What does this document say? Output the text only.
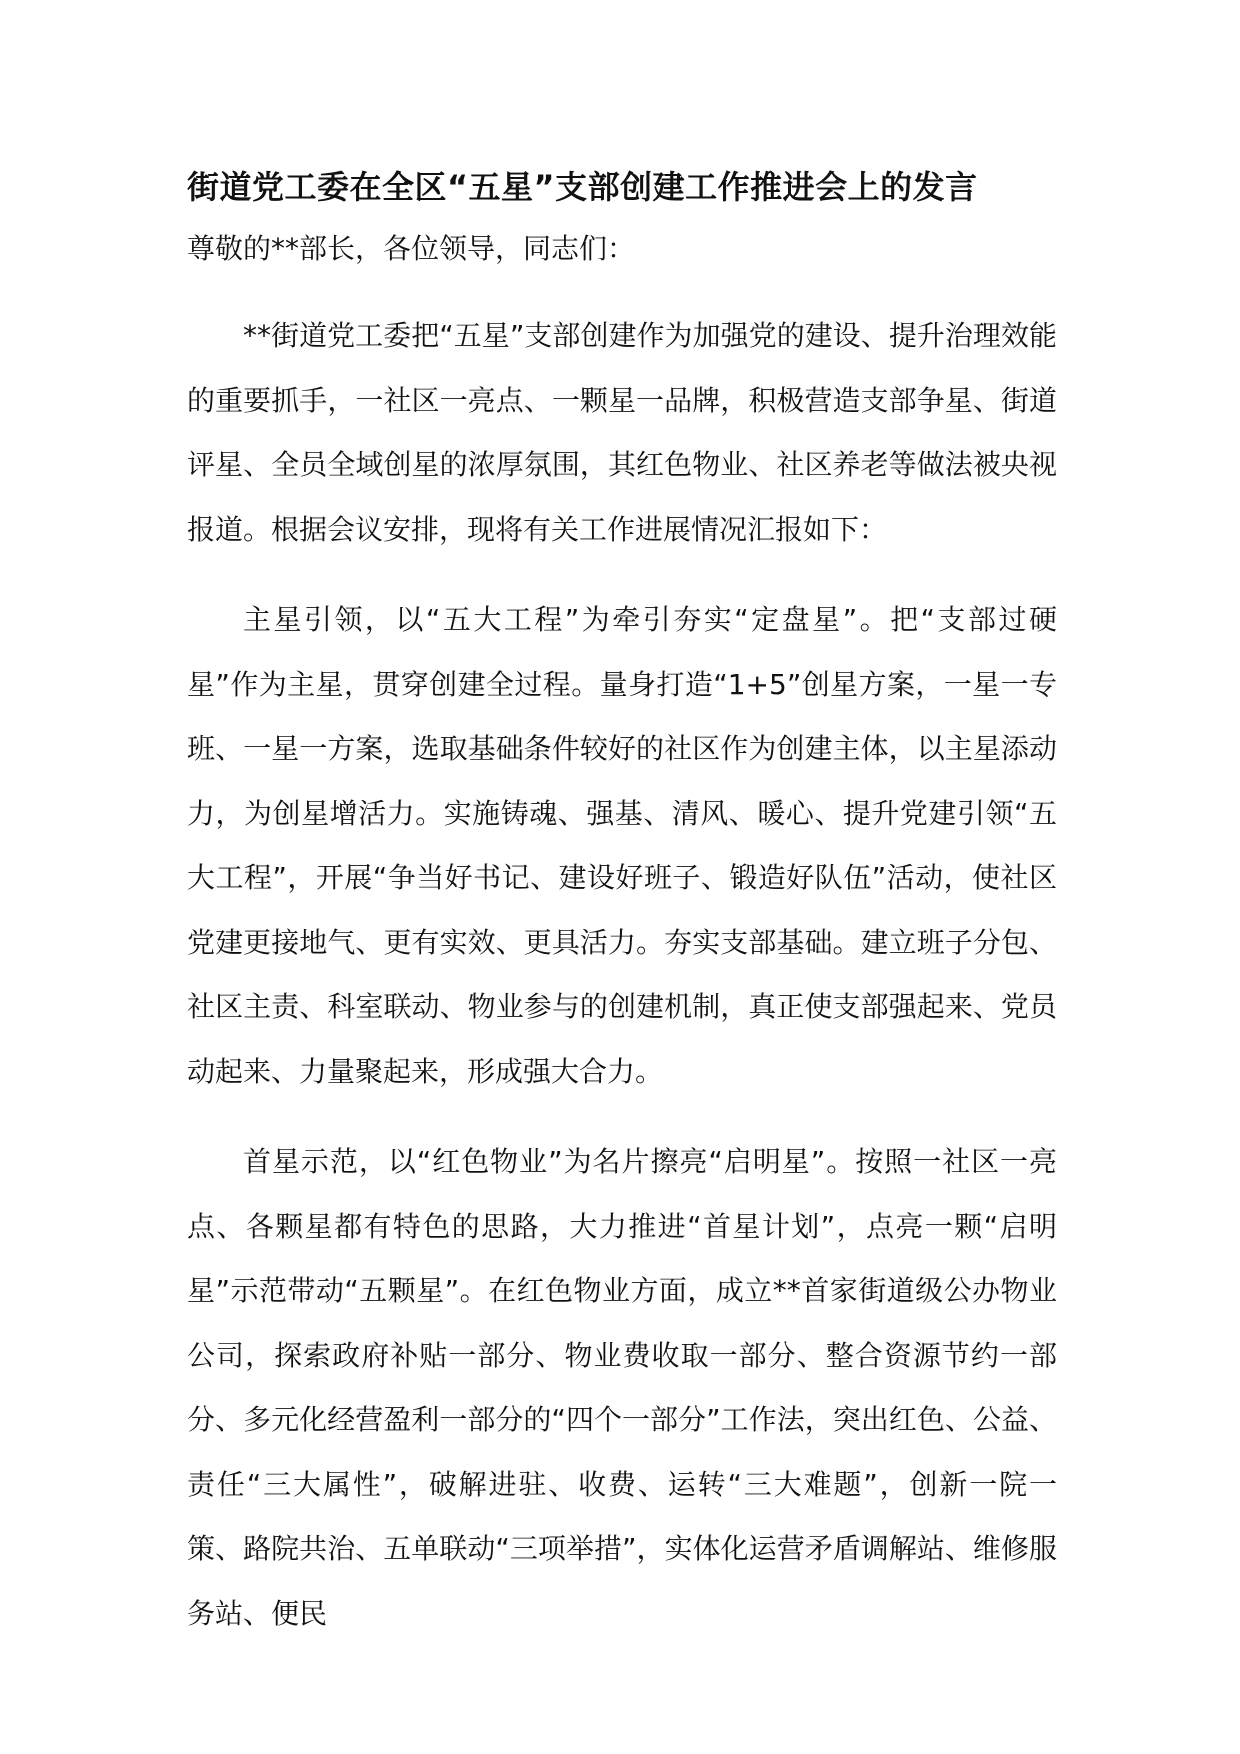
街道党工委在全区“五星”支部创建工作推进会上的发言

尊敬的**部长，各位领导，同志们：

**街道党工委把“五星”支部创建作为加强党的建设、提升治理效能的重要抓手，一社区一亮点、一颗星一品牌，积极营造支部争星、街道评星、全员全域创星的浓厚氛围，其红色物业、社区养老等做法被央视报道。根据会议安排，现将有关工作进展情况汇报如下：

主星引领，以“五大工程”为牵引夯实“定盘星”。把“支部过硬星”作为主星，贯穿创建全过程。量身打造“1+5”创星方案，一星一专班、一星一方案，选取基础条件较好的社区作为创建主体，以主星添动力，为创星增活力。实施铸魂、强基、清风、暖心、提升党建引领“五大工程”，开展“争当好书记、建设好班子、锻造好队伍”活动，使社区党建更接地气、更有实效、更具活力。夯实支部基础。建立班子分包、社区主责、科室联动、物业参与的创建机制，真正使支部强起来、党员动起来、力量聚起来，形成强大合力。

首星示范，以“红色物业”为名片擦亮“启明星”。按照一社区一亮点、各颗星都有特色的思路，大力推进“首星计划”，点亮一颗“启明星”示范带动“五颗星”。在红色物业方面，成立**首家街道级公办物业公司，探索政府补贴一部分、物业费收取一部分、整合资源节约一部分、多元化经营盈利一部分的“四个一部分”工作法，突出红色、公益、责任“三大属性”，破解进驻、收费、运转“三大难题”，创新一院一策、路院共治、五单联动“三项举措”，实体化运营矛盾调解站、维修服务站、便民
